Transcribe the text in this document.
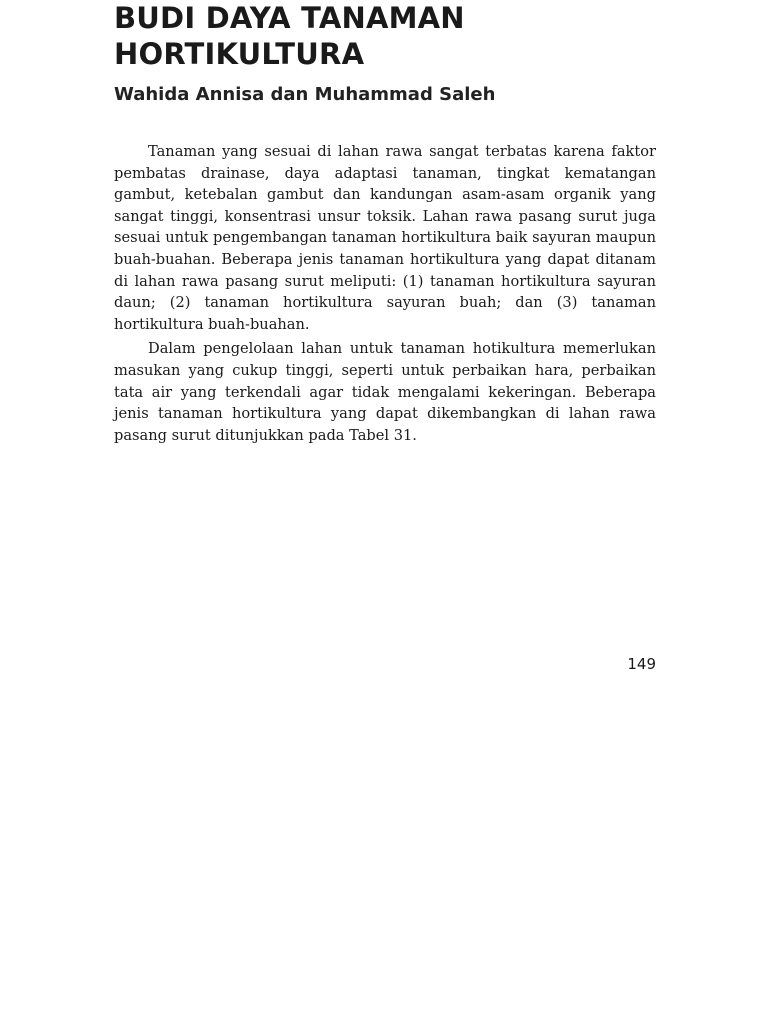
BUDI DAYA TANAMAN
HORTIKULTURA
Wahida Annisa dan Muhammad Saleh

Tanaman yang sesuai di lahan rawa sangat terbatas karena faktor pembatas drainase, daya adaptasi tanaman, tingkat kematangan gambut, ketebalan gambut dan kandungan asam-asam organik yang sangat tinggi, konsentrasi unsur toksik. Lahan rawa pasang surut juga sesuai untuk pengembangan tanaman hortikultura baik sayuran maupun buah-buahan. Beberapa jenis tanaman hortikultura yang dapat ditanam di lahan rawa pasang surut meliputi: (1) tanaman hortikultura sayuran daun; (2) tanaman hortikultura sayuran buah; dan (3) tanaman hortikultura buah-buahan.

Dalam pengelolaan lahan untuk tanaman hotikultura memerlukan masukan yang cukup tinggi, seperti untuk perbaikan hara, perbaikan tata air yang terkendali agar tidak mengalami kekeringan. Beberapa jenis tanaman hortikultura yang dapat dikembangkan di lahan rawa pasang surut ditunjukkan pada Tabel 31.

149
